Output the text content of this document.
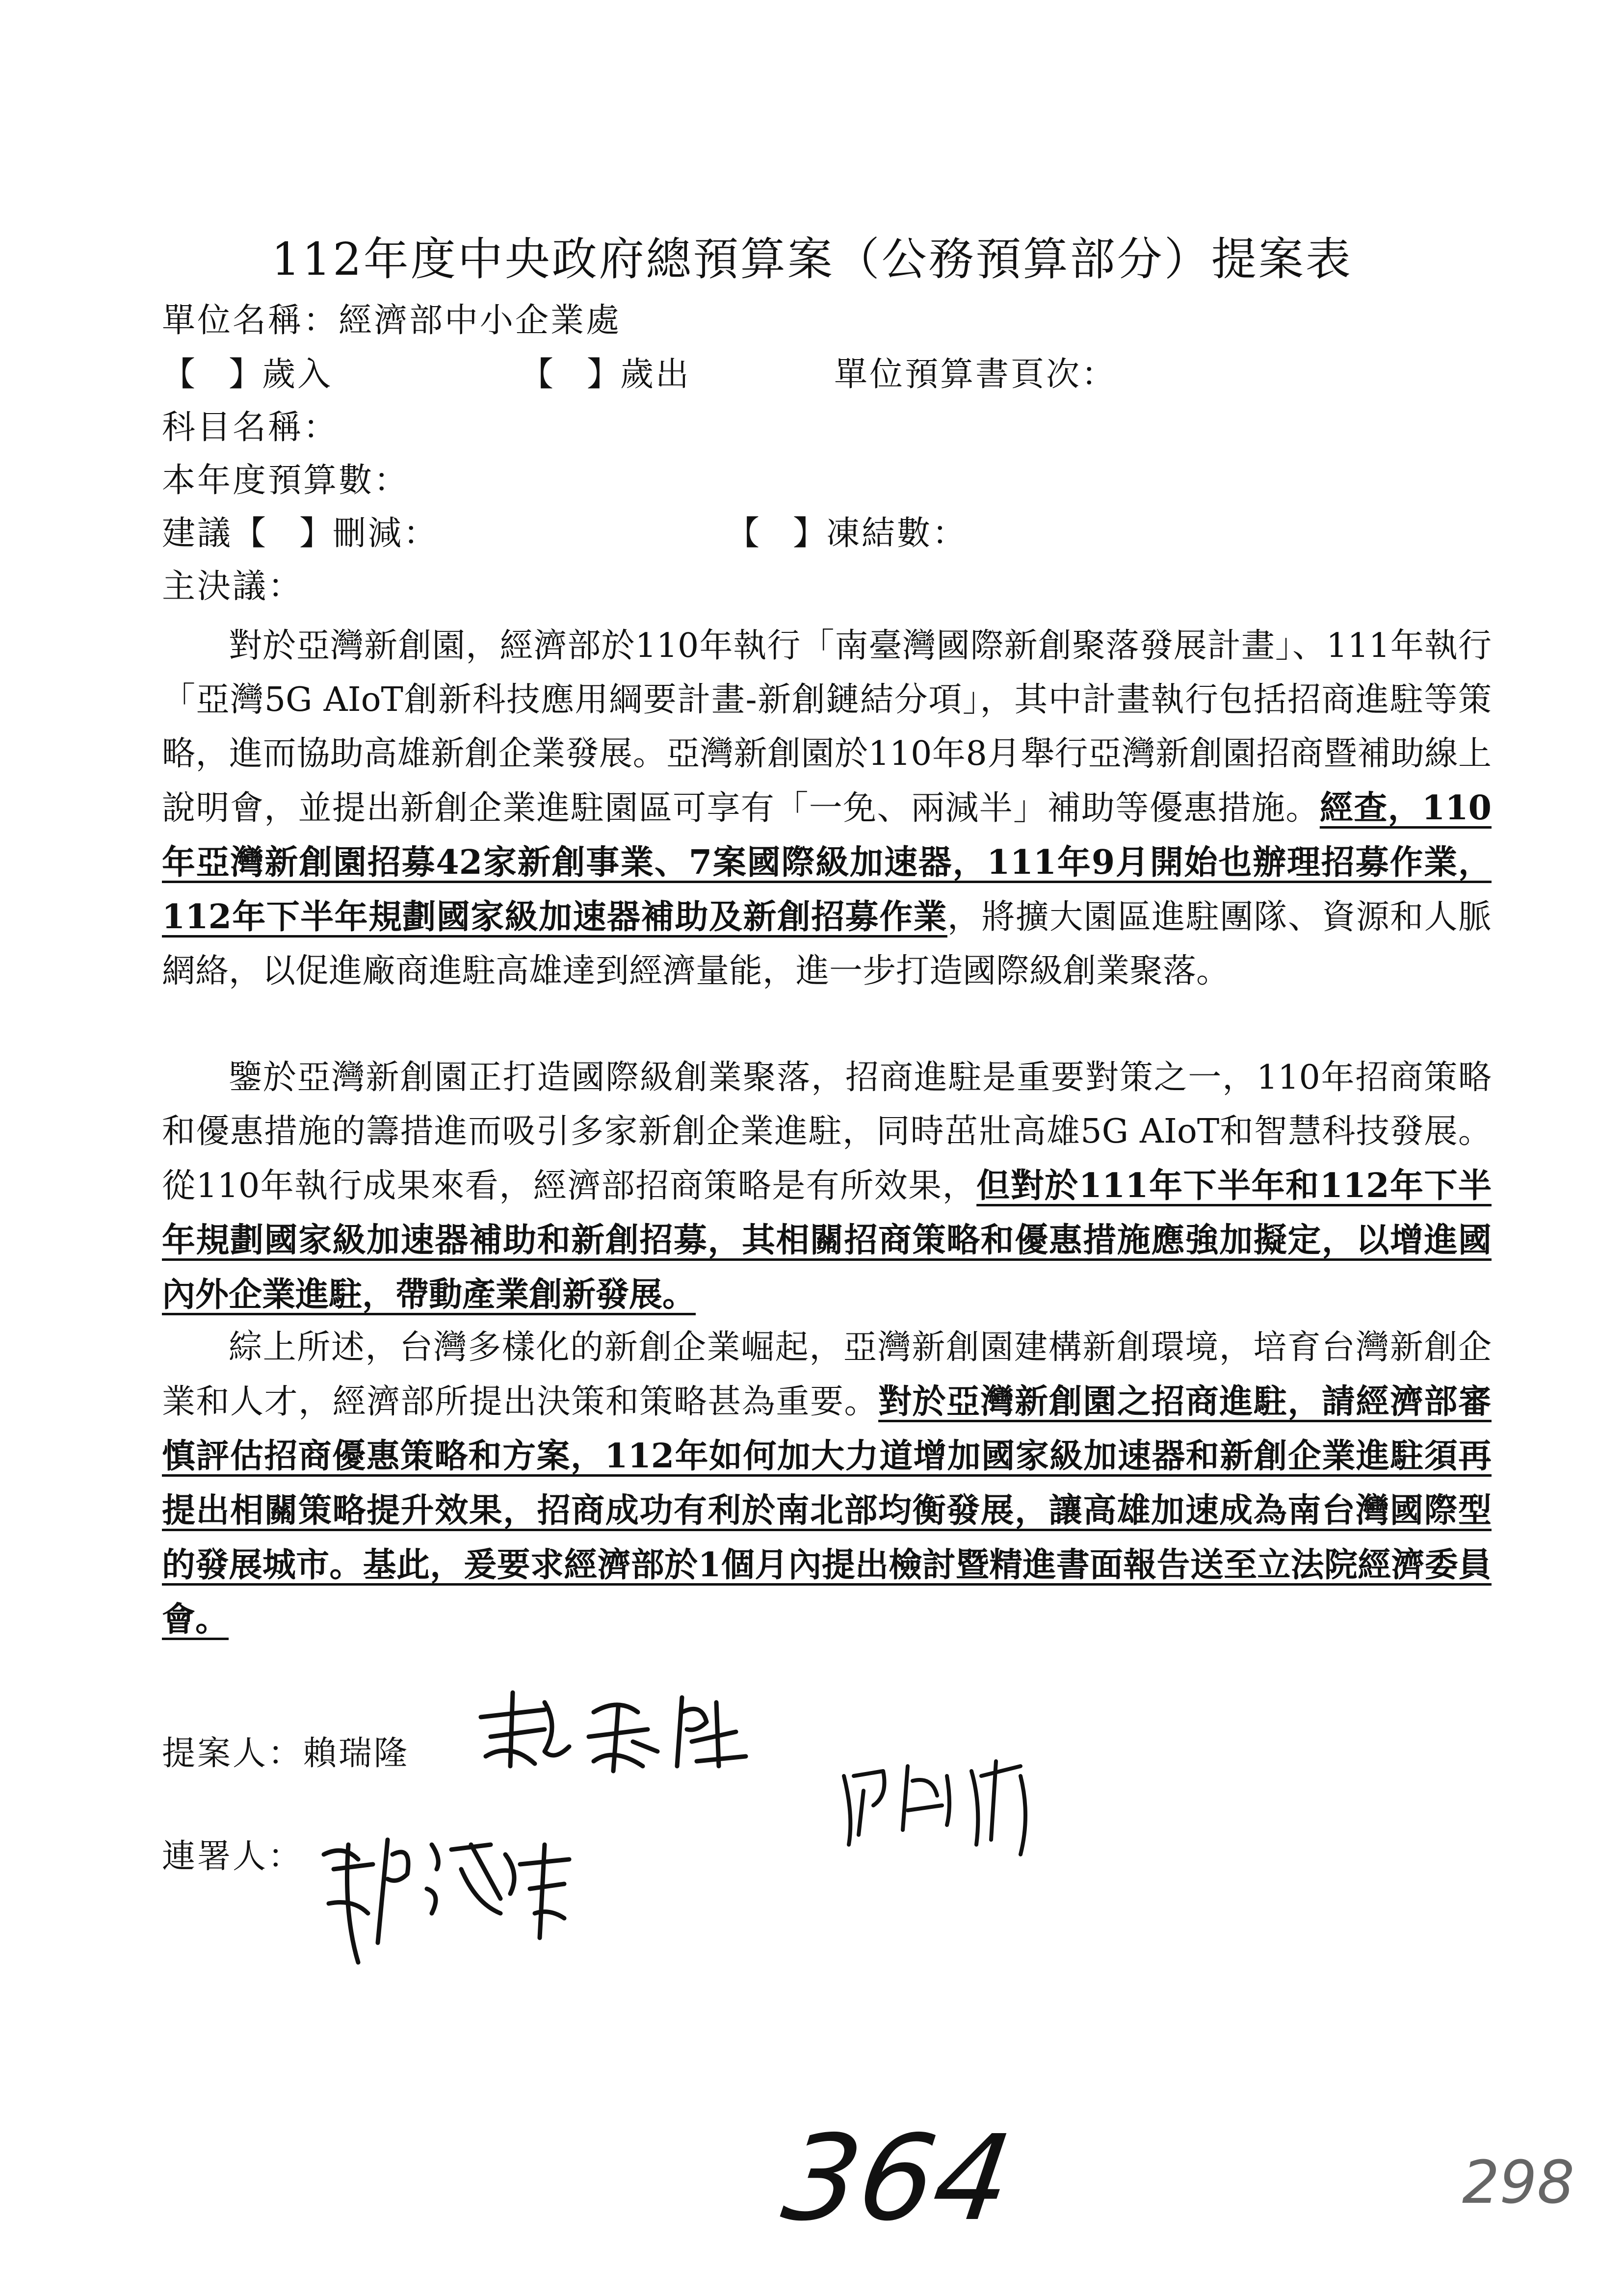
112年度中央政府總預算案（公務預算部分）提案表
單位名稱：經濟部中小企業處
【　】歲入	【　】歲出	單位預算書頁次：
科目名稱：
本年度預算數：
建議【　】刪減：	【　】凍結數：
主決議：

對於亞灣新創園，經濟部於110年執行「南臺灣國際新創聚落發展計畫」、111年執行「亞灣5G AIoT創新科技應用綱要計畫-新創鏈結分項」，其中計畫執行包括招商進駐等策略，進而協助高雄新創企業發展。亞灣新創園於110年8月舉行亞灣新創園招商暨補助線上說明會，並提出新創企業進駐園區可享有「一免、兩減半」補助等優惠措施。經查，110年亞灣新創園招募42家新創事業、7案國際級加速器，111年9月開始也辦理招募作業，112年下半年規劃國家級加速器補助及新創招募作業，將擴大園區進駐團隊、資源和人脈網絡，以促進廠商進駐高雄達到經濟量能，進一步打造國際級創業聚落。

鑒於亞灣新創園正打造國際級創業聚落，招商進駐是重要對策之一，110年招商策略和優惠措施的籌措進而吸引多家新創企業進駐，同時茁壯高雄5G AIoT和智慧科技發展。從110年執行成果來看，經濟部招商策略是有所效果，但對於111年下半年和112年下半年規劃國家級加速器補助和新創招募，其相關招商策略和優惠措施應強加擬定，以增進國內外企業進駐，帶動產業創新發展。

綜上所述，台灣多樣化的新創企業崛起，亞灣新創園建構新創環境，培育台灣新創企業和人才，經濟部所提出決策和策略甚為重要。對於亞灣新創園之招商進駐，請經濟部審慎評估招商優惠策略和方案，112年如何加大力道增加國家級加速器和新創企業進駐須再提出相關策略提升效果，招商成功有利於南北部均衡發展，讓高雄加速成為南台灣國際型的發展城市。基此，爰要求經濟部於1個月內提出檢討暨精進書面報告送至立法院經濟委員會。

提案人：賴瑞隆
連署人：
364	298
